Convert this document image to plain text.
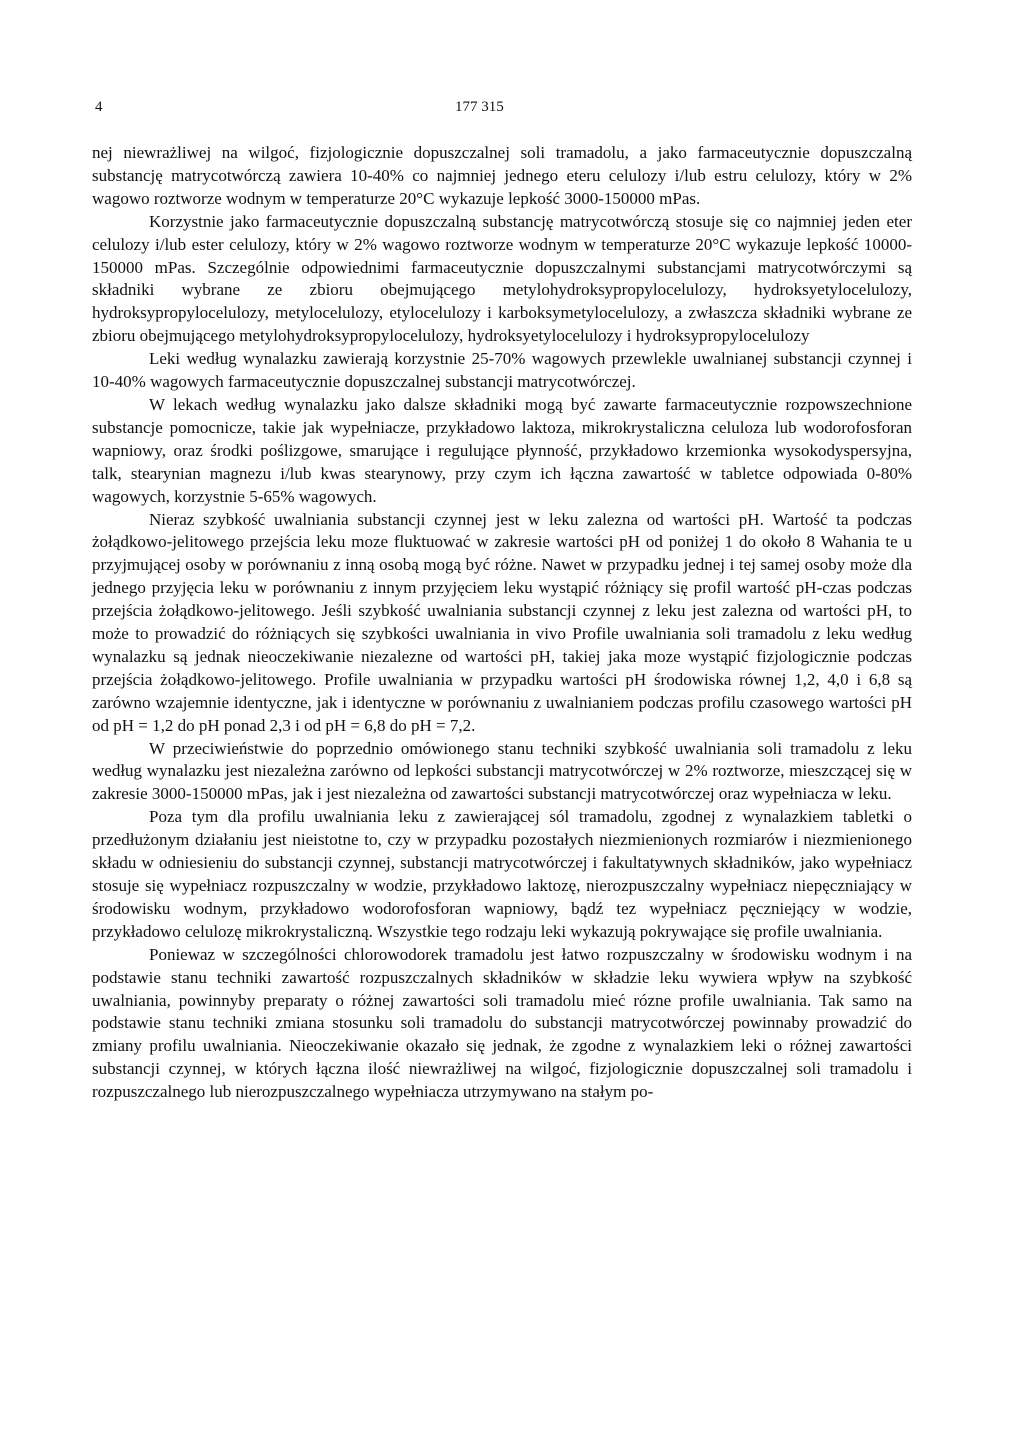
4	177 315

nej niewrażliwej na wilgoć, fizjologicznie dopuszczalnej soli tramadolu, a jako farmaceutycznie dopuszczalną substancję matrycotwórczą zawiera 10-40% co najmniej jednego eteru celulozy i/lub estru celulozy, który w 2% wagowo roztworze wodnym w temperaturze 20°C wykazuje lepkość 3000-150000 mPas.

Korzystnie jako farmaceutycznie dopuszczalną substancję matrycotwórczą stosuje się co najmniej jeden eter celulozy i/lub ester celulozy, który w 2% wagowo roztworze wodnym w temperaturze 20°C wykazuje lepkość 10000-150000 mPas. Szczególnie odpowiednimi farmaceutycznie dopuszczalnymi substancjami matrycotwórczymi są składniki wybrane ze zbioru obejmującego metylohydroksypropylocelulozy, hydroksyetylocelulozy, hydroksypropylocelulozy, metylocelulozy, etylocelulozy i karboksymetylocelulozy, a zwłaszcza składniki wybrane ze zbioru obejmującego metylohydroksypropylocelulozy, hydroksyetylocelulozy i hydroksypropylocelulozy

Leki według wynalazku zawierają korzystnie 25-70% wagowych przewlekle uwalnianej substancji czynnej i 10-40% wagowych farmaceutycznie dopuszczalnej substancji matrycotwórczej.

W lekach według wynalazku jako dalsze składniki mogą być zawarte farmaceutycznie rozpowszechnione substancje pomocnicze, takie jak wypełniacze, przykładowo laktoza, mikrokrystaliczna celuloza lub wodorofosforan wapniowy, oraz środki poślizgowe, smarujące i regulujące płynność, przykładowo krzemionka wysokodyspersyjna, talk, stearynian magnezu i/lub kwas stearynowy, przy czym ich łączna zawartość w tabletce odpowiada 0-80% wagowych, korzystnie 5-65% wagowych.

Nieraz szybkość uwalniania substancji czynnej jest w leku zalezna od wartości pH. Wartość ta podczas żołądkowo-jelitowego przejścia leku moze fluktuować w zakresie wartości pH od poniżej 1 do około 8 Wahania te u przyjmującej osoby w porównaniu z inną osobą mogą być różne. Nawet w przypadku jednej i tej samej osoby może dla jednego przyjęcia leku w porównaniu z innym przyjęciem leku wystąpić różniący się profil wartość pH-czas podczas przejścia żołądkowo-jelitowego. Jeśli szybkość uwalniania substancji czynnej z leku jest zalezna od wartości pH, to może to prowadzić do różniących się szybkości uwalniania in vivo Profile uwalniania soli tramadolu z leku według wynalazku są jednak nieoczekiwanie niezalezne od wartości pH, takiej jaka moze wystąpić fizjologicznie podczas przejścia żołądkowo-jelitowego. Profile uwalniania w przypadku wartości pH środowiska równej 1,2, 4,0 i 6,8 są zarówno wzajemnie identyczne, jak i identyczne w porównaniu z uwalnianiem podczas profilu czasowego wartości pH od pH = 1,2 do pH ponad 2,3 i od pH = 6,8 do pH = 7,2.

W przeciwieństwie do poprzednio omówionego stanu techniki szybkość uwalniania soli tramadolu z leku według wynalazku jest niezależna zarówno od lepkości substancji matrycotwórczej w 2% roztworze, mieszczącej się w zakresie 3000-150000 mPas, jak i jest niezależna od zawartości substancji matrycotwórczej oraz wypełniacza w leku.

Poza tym dla profilu uwalniania leku z zawierającej sól tramadolu, zgodnej z wynalazkiem tabletki o przedłużonym działaniu jest nieistotne to, czy w przypadku pozostałych niezmienionych rozmiarów i niezmienionego składu w odniesieniu do substancji czynnej, substancji matrycotwórczej i fakultatywnych składników, jako wypełniacz stosuje się wypełniacz rozpuszczalny w wodzie, przykładowo laktozę, nierozpuszczalny wypełniacz niepęczniający w środowisku wodnym, przykładowo wodorofosforan wapniowy, bądź tez wypełniacz pęczniejący w wodzie, przykładowo celulozę mikrokrystaliczną. Wszystkie tego rodzaju leki wykazują pokrywające się profile uwalniania.

Poniewaz w szczególności chlorowodorek tramadolu jest łatwo rozpuszczalny w środowisku wodnym i na podstawie stanu techniki zawartość rozpuszczalnych składników w składzie leku wywiera wpływ na szybkość uwalniania, powinnyby preparaty o różnej zawartości soli tramadolu mieć rózne profile uwalniania. Tak samo na podstawie stanu techniki zmiana stosunku soli tramadolu do substancji matrycotwórczej powinnaby prowadzić do zmiany profilu uwalniania. Nieoczekiwanie okazało się jednak, że zgodne z wynalazkiem leki o różnej zawartości substancji czynnej, w których łączna ilość niewrażliwej na wilgoć, fizjologicznie dopuszczalnej soli tramadolu i rozpuszczalnego lub nierozpuszczalnego wypełniacza utrzymywano na stałym po-
